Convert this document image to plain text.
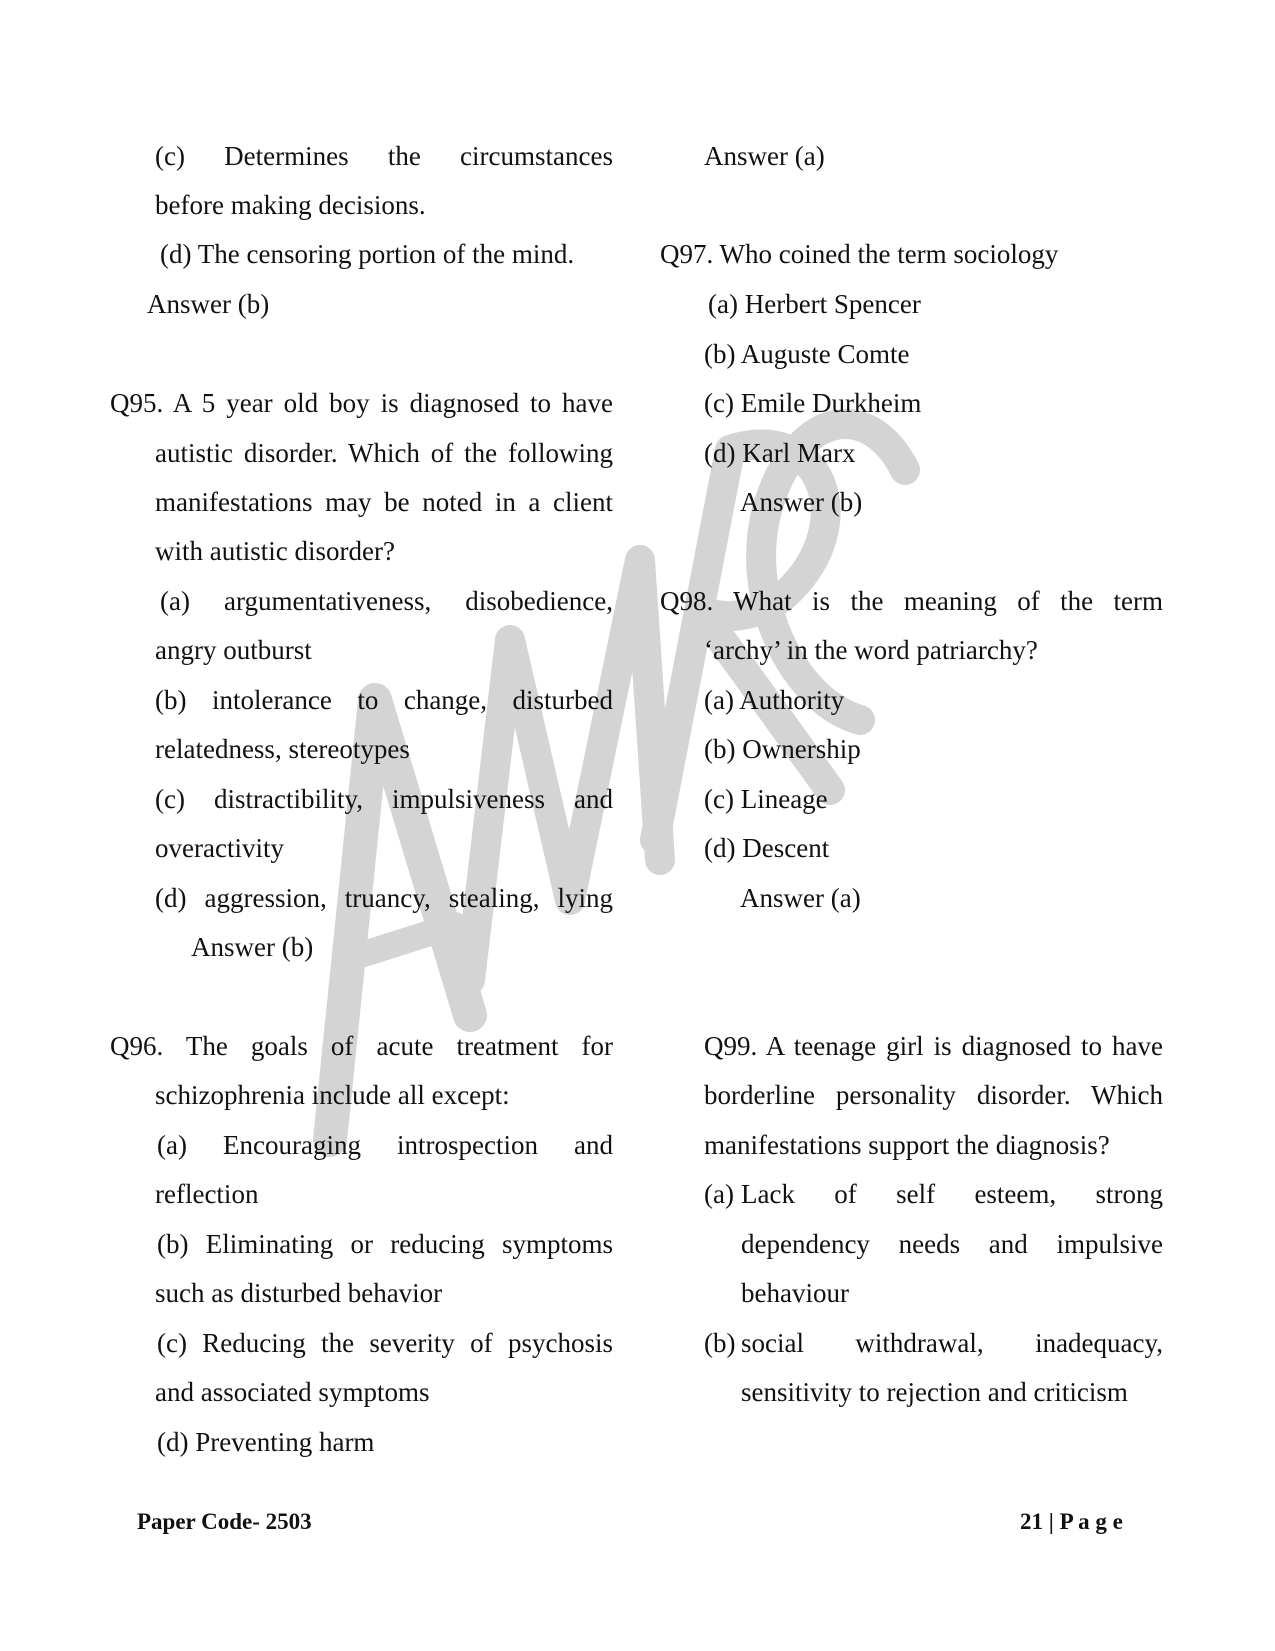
(c) Determines the circumstances
before making decisions.
(d) The censoring portion of the mind.
Answer (b)
Q95. A 5 year old boy is diagnosed to have
autistic disorder. Which of the following
manifestations may be noted in a client
with autistic disorder?
(a) argumentativeness, disobedience,
angry outburst
(b) intolerance to change, disturbed
relatedness, stereotypes
(c) distractibility, impulsiveness and
overactivity
(d) aggression, truancy, stealing, lying
Answer (b)
Q96. The goals of acute treatment for
schizophrenia include all except:
(a) Encouraging introspection and
reflection
(b) Eliminating or reducing symptoms
such as disturbed behavior
(c) Reducing the severity of psychosis
and associated symptoms
(d) Preventing harm
Answer (a)
Q97. Who coined the term sociology
(a) Herbert Spencer
(b) Auguste Comte
(c) Emile Durkheim
(d) Karl Marx
Answer (b)
Q98. What is the meaning of the term
‘archy’ in the word patriarchy?
(a) Authority
(b) Ownership
(c) Lineage
(d) Descent
Answer (a)
Q99. A teenage girl is diagnosed to have
borderline personality disorder. Which
manifestations support the diagnosis?
(a) Lack of self esteem, strong
dependency needs and impulsive
behaviour
(b) social withdrawal, inadequacy,
sensitivity to rejection and criticism
Paper Code- 2503	21 | P a g e
